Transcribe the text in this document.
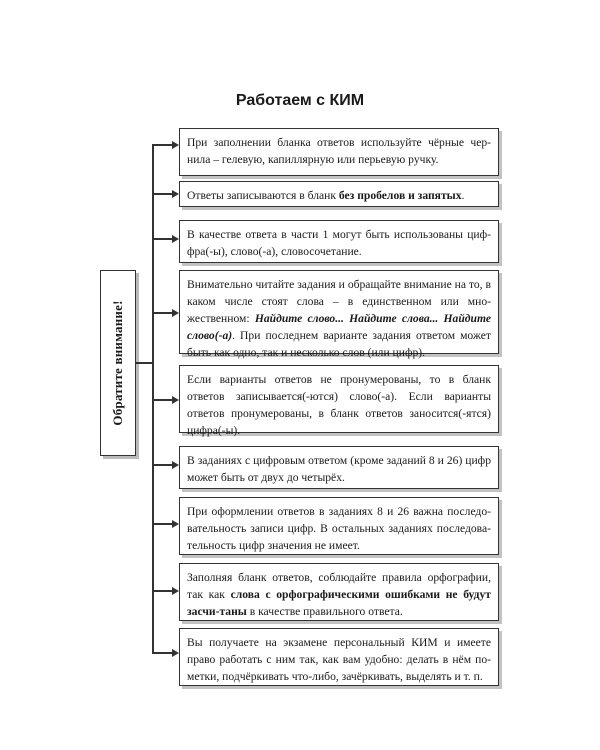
Работаем с КИМ
Обратите внимание!
При заполнении бланка ответов используйте чёрные чер-нила – гелевую, капиллярную или перьевую ручку.
Ответы записываются в бланк без пробелов и запятых.
В качестве ответа в части 1 могут быть использованы циф-фра(-ы), слово(-а), словосочетание.
Внимательно читайте задания и обращайте внимание на то, в каком числе стоят слова – в единственном или мно-жественном: Найдите слово... Найдите слова... Найдите слово(-а). При последнем варианте задания ответом может быть как одно, так и несколько слов (или цифр).
Если варианты ответов не пронумерованы, то в бланк ответов записывается(-ются) слово(-а). Если варианты ответов пронумерованы, в бланк ответов заносится(-ятся) цифра(-ы).
В заданиях с цифровым ответом (кроме заданий 8 и 26) цифр может быть от двух до четырёх.
При оформлении ответов в заданиях 8 и 26 важна последо-вательность записи цифр. В остальных заданиях последова-тельность цифр значения не имеет.
Заполняя бланк ответов, соблюдайте правила орфографии, так как слова с орфографическими ошибками не будут засчи-таны в качестве правильного ответа.
Вы получаете на экзамене персональный КИМ и имеете право работать с ним так, как вам удобно: делать в нём по-метки, подчёркивать что-либо, зачёркивать, выделять и т. п.
